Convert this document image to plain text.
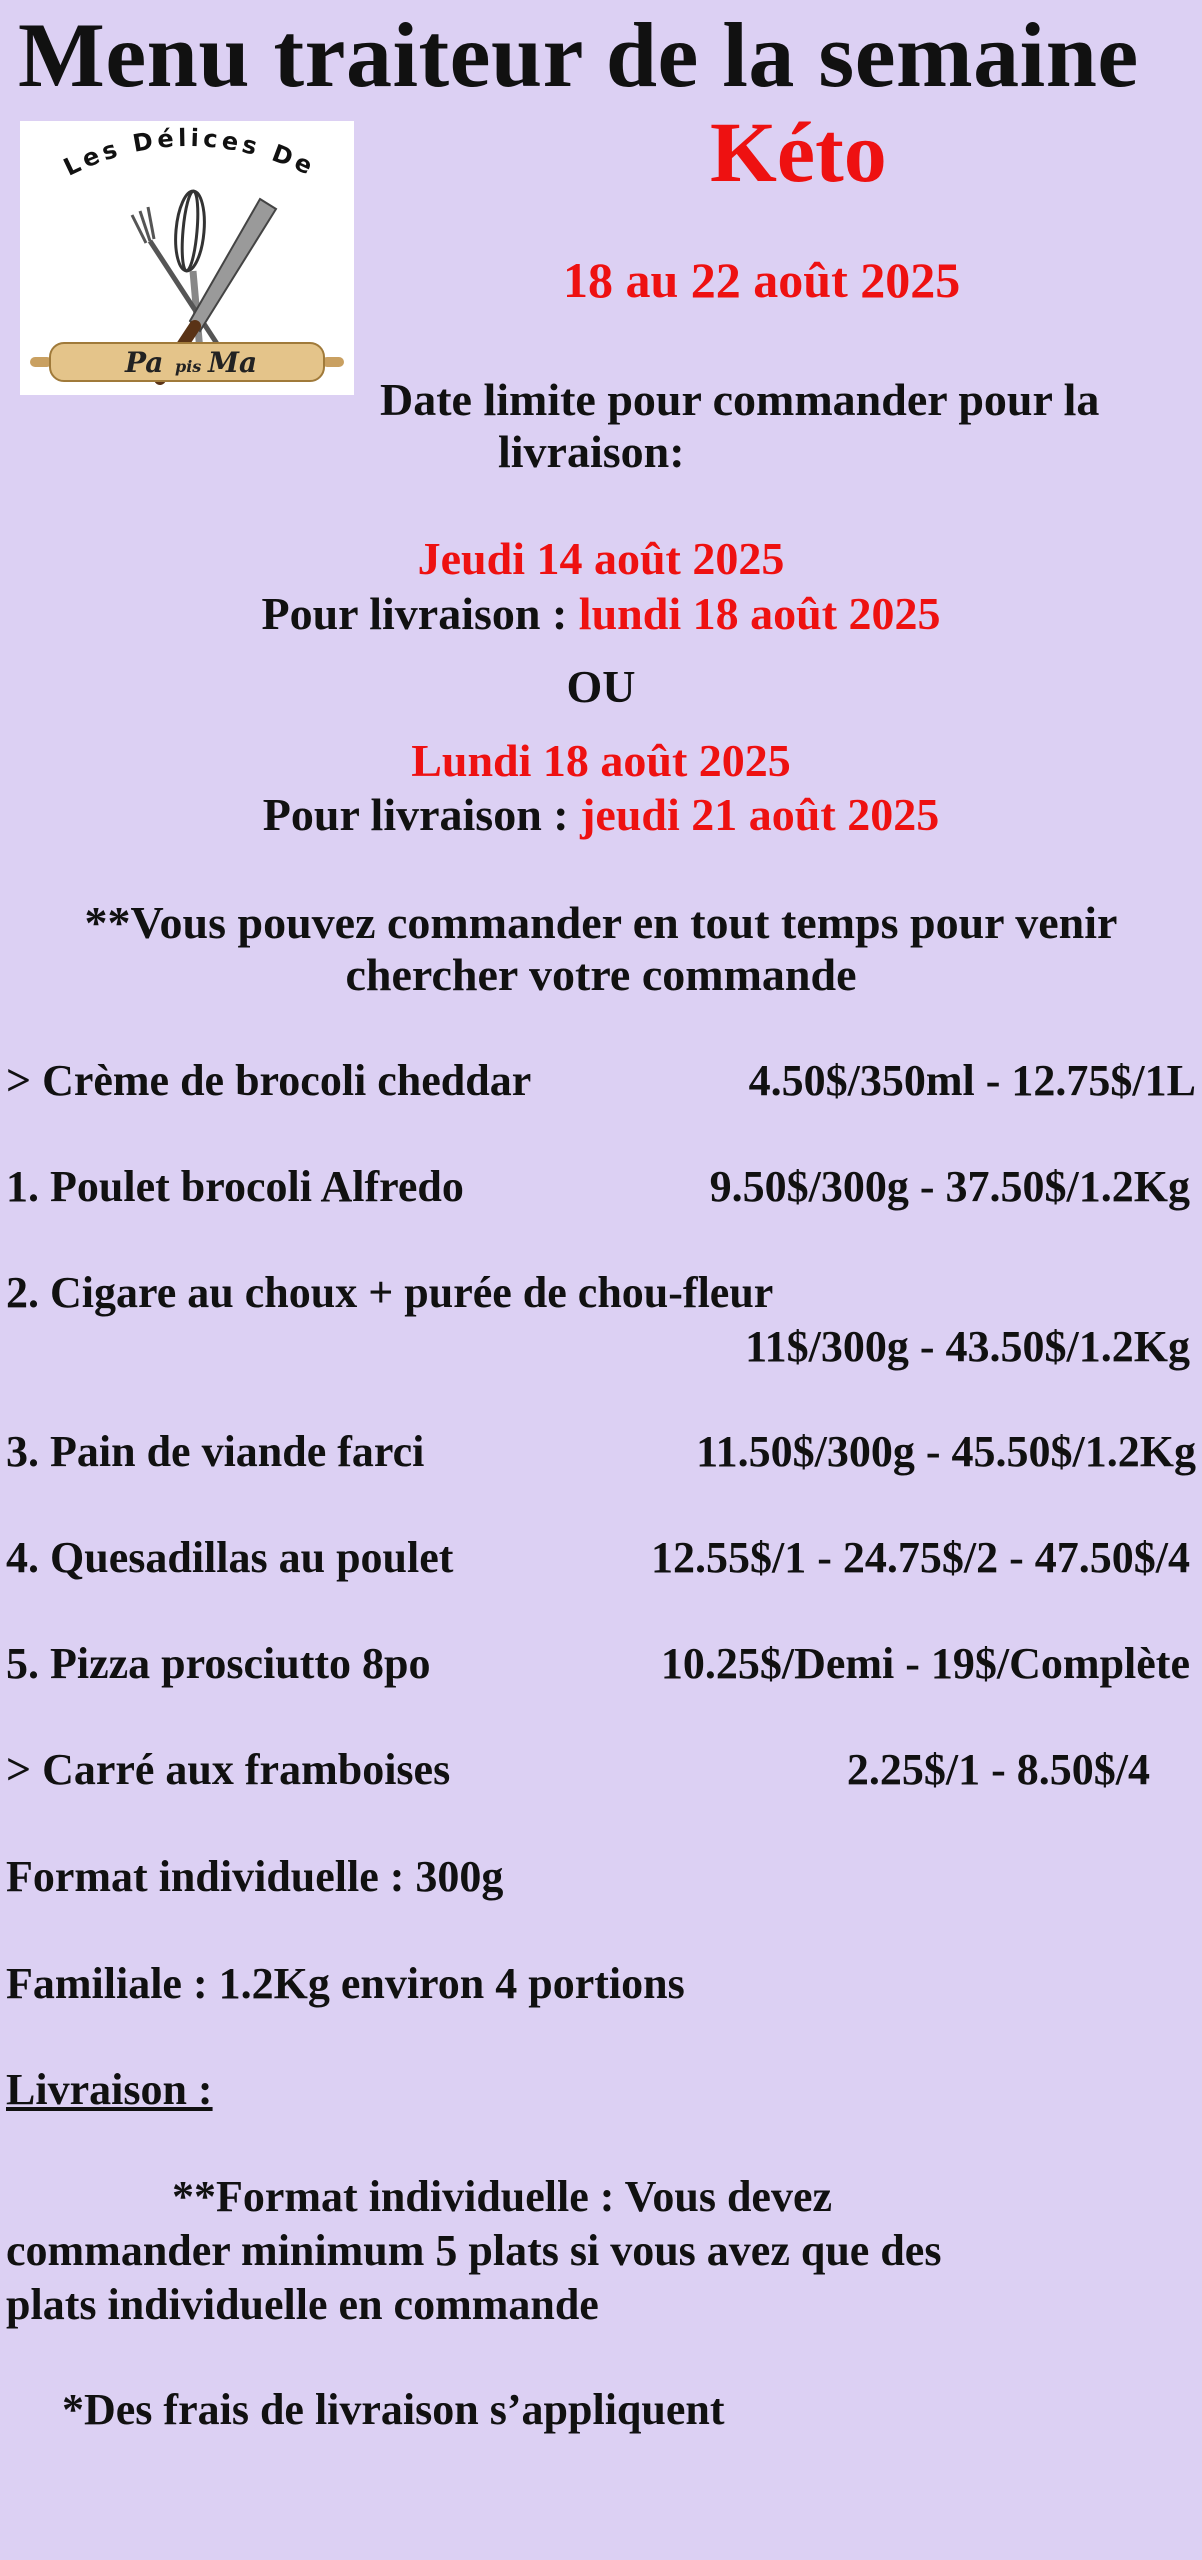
Menu traiteur de la semaine
Kéto
Les Délices De
Pa pis Ma
18 au 22 août 2025
Date limite pour commander pour la
livraison:
Jeudi 14 août 2025
Pour livraison : lundi 18 août 2025
OU
Lundi 18 août 2025
Pour livraison : jeudi 21 août 2025
**Vous pouvez commander en tout temps pour venir
chercher votre commande
> Crème de brocoli cheddar	4.50$/350ml - 12.75$/1L
1. Poulet brocoli Alfredo	9.50$/300g - 37.50$/1.2Kg
2. Cigare au choux + purée de chou-fleur
11$/300g - 43.50$/1.2Kg
3. Pain de viande farci	11.50$/300g - 45.50$/1.2Kg
4. Quesadillas au poulet	12.55$/1 - 24.75$/2 - 47.50$/4
5. Pizza prosciutto 8po	10.25$/Demi - 19$/Complète
> Carré aux framboises	2.25$/1 - 8.50$/4
Format individuelle : 300g
Familiale : 1.2Kg environ 4 portions
Livraison :
**Format individuelle : Vous devez
commander minimum 5 plats si vous avez que des
plats individuelle en commande
*Des frais de livraison s’appliquent
